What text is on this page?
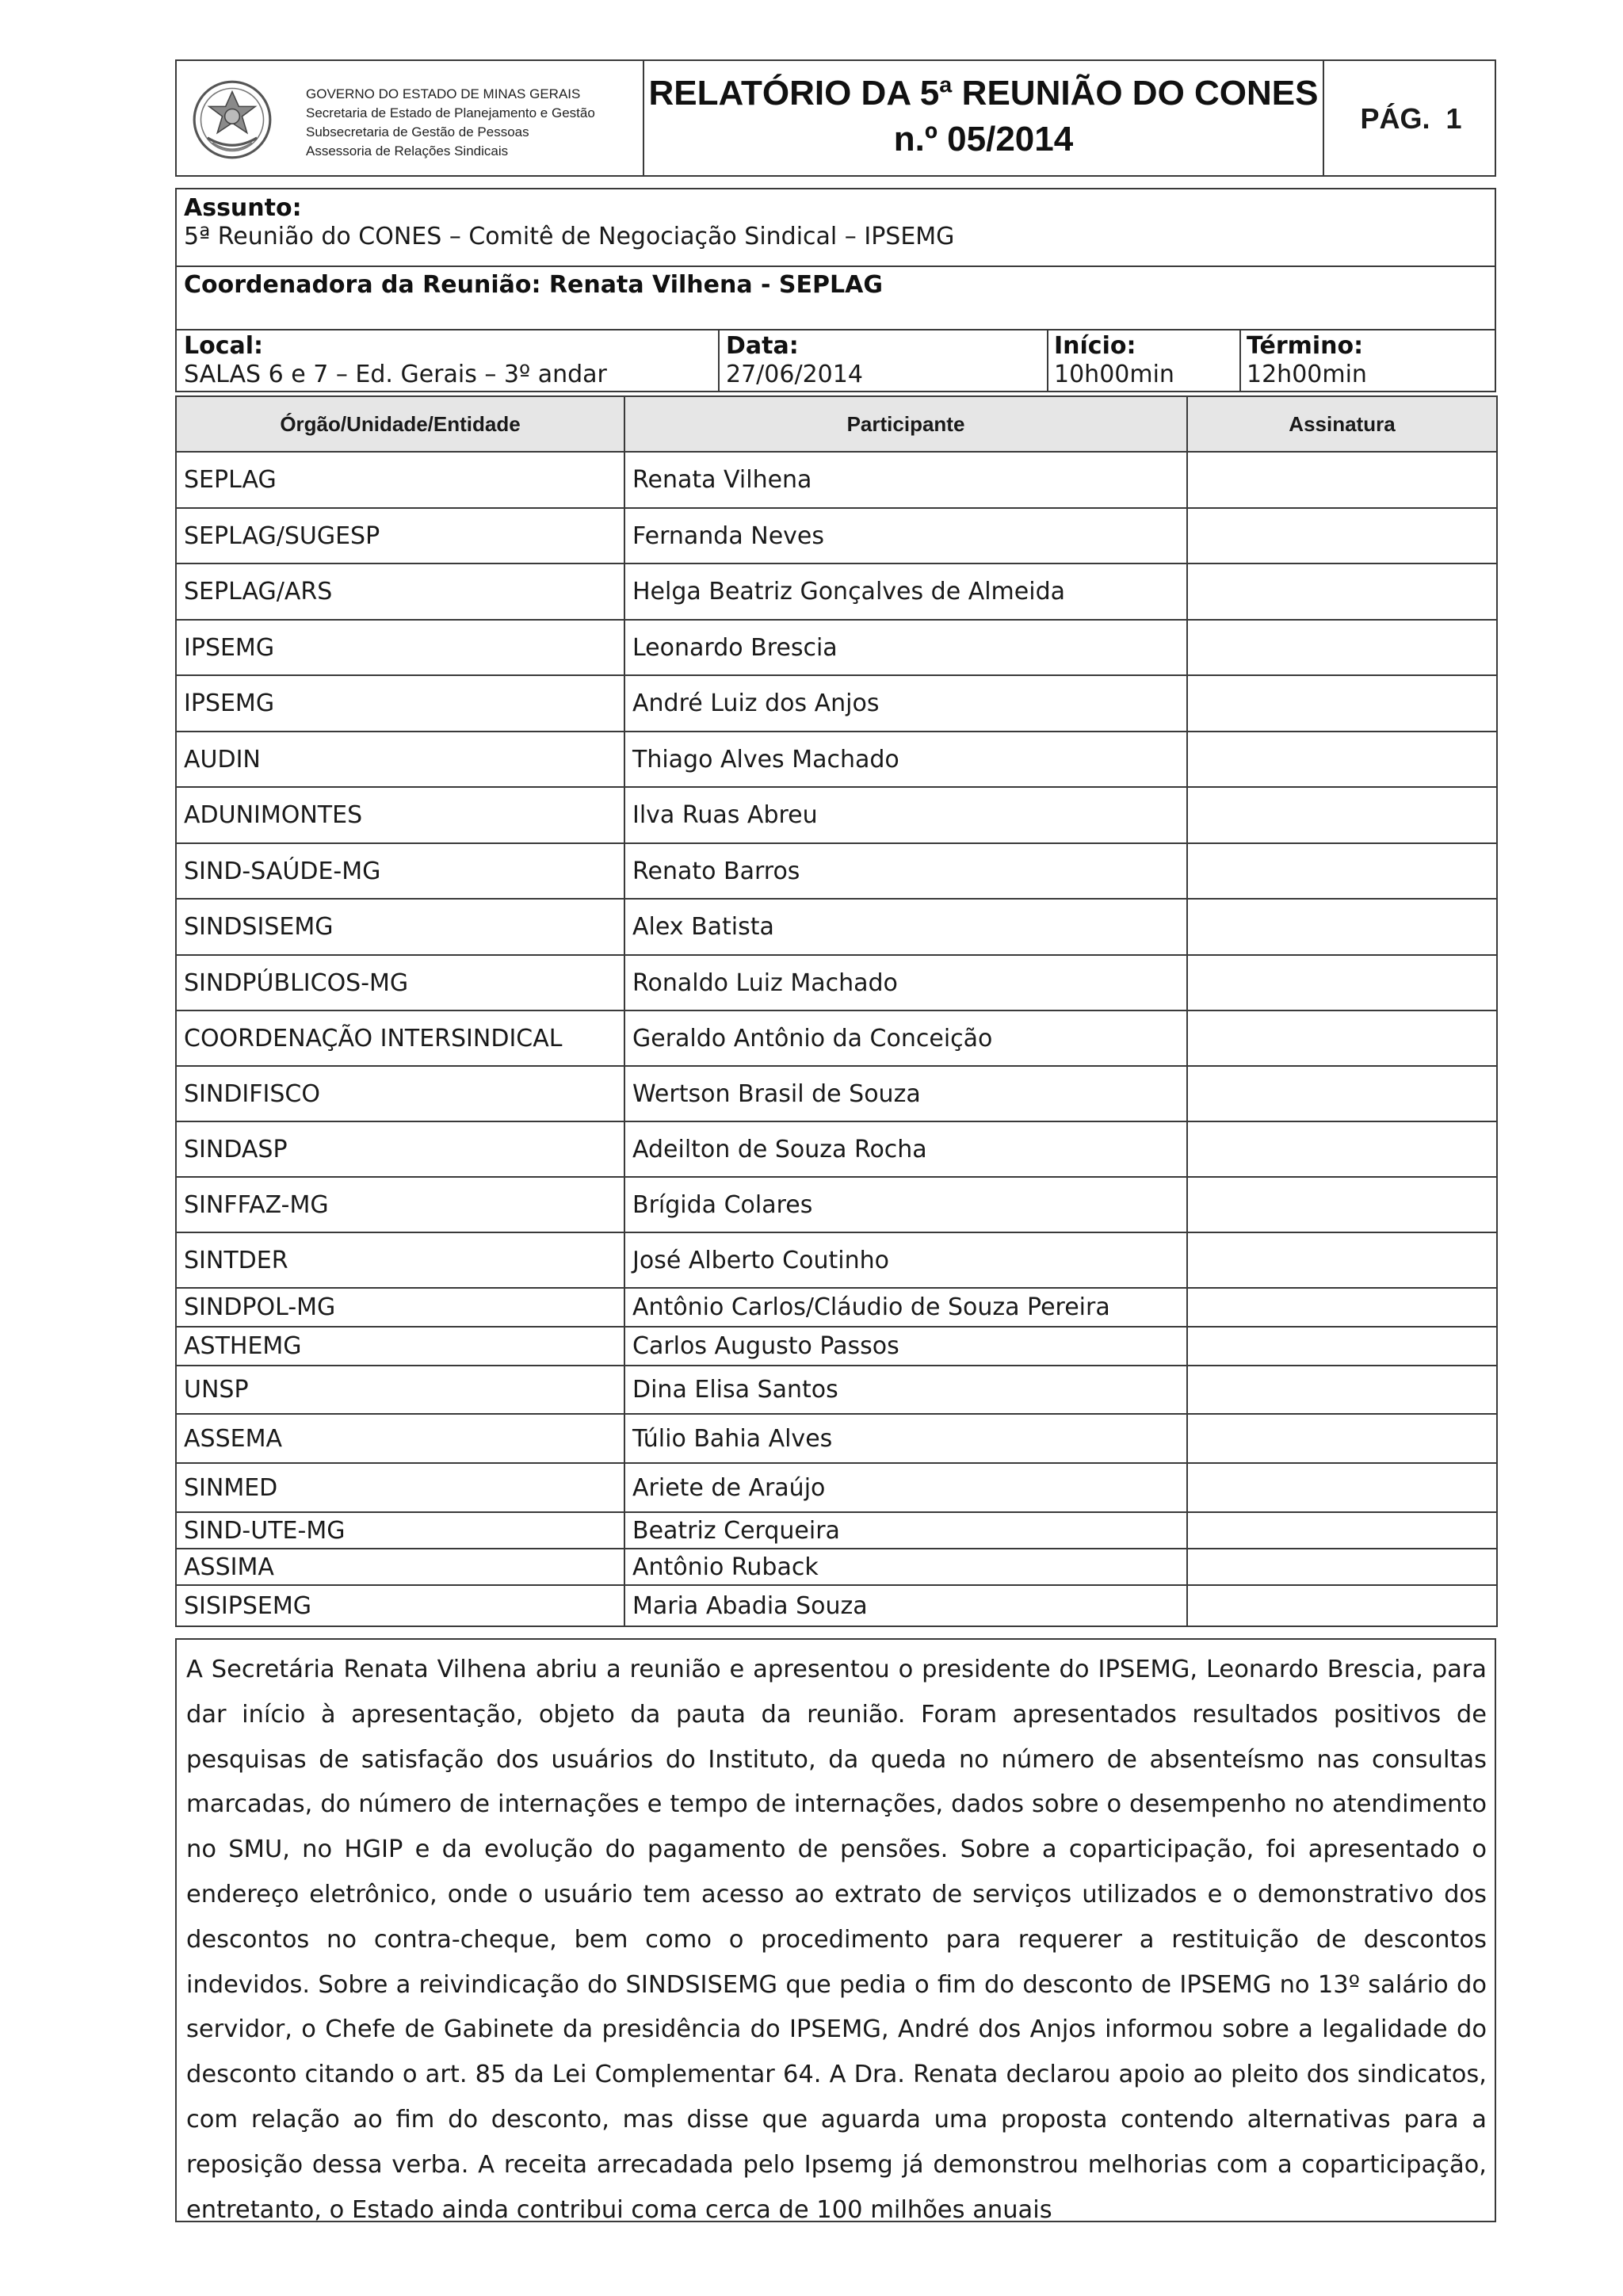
GOVERNO DO ESTADO DE MINAS GERAIS
Secretaria de Estado de Planejamento e Gestão
Subsecretaria de Gestão de Pessoas
Assessoria de Relações Sindicais
RELATÓRIO DA 5ª REUNIÃO DO CONES
n.º 05/2014
PÁG. 1
Assunto:
5ª Reunião do CONES – Comitê de Negociação Sindical – IPSEMG
Coordenadora da Reunião: Renata Vilhena - SEPLAG
Local:
SALAS 6 e 7 – Ed. Gerais – 3º andar
Data:
27/06/2014
Início:
10h00min
Término:
12h00min
Órgão/Unidade/Entidade	Participante	Assinatura
SEPLAG	Renata Vilhena	
SEPLAG/SUGESP	Fernanda Neves	
SEPLAG/ARS	Helga Beatriz Gonçalves de Almeida	
IPSEMG	Leonardo Brescia	
IPSEMG	André Luiz dos Anjos	
AUDIN	Thiago Alves Machado	
ADUNIMONTES	Ilva Ruas Abreu	
SIND-SAÚDE-MG	Renato Barros	
SINDSISEMG	Alex Batista	
SINDPÚBLICOS-MG	Ronaldo Luiz Machado	
COORDENAÇÃO INTERSINDICAL	Geraldo Antônio da Conceição	
SINDIFISCO	Wertson Brasil de Souza	
SINDASP	Adeilton de Souza Rocha	
SINFFAZ-MG	Brígida Colares	
SINTDER	José Alberto Coutinho	
SINDPOL-MG	Antônio Carlos/Cláudio de Souza Pereira	
ASTHEMG	Carlos Augusto Passos	
UNSP	Dina Elisa Santos	
ASSEMA	Túlio Bahia Alves	
SINMED	Ariete de Araújo	
SIND-UTE-MG	Beatriz Cerqueira	
ASSIMA	Antônio Ruback	
SISIPSEMG	Maria Abadia Souza	
A Secretária Renata Vilhena abriu a reunião e apresentou o presidente do IPSEMG, Leonardo Brescia, para dar início à apresentação, objeto da pauta da reunião. Foram apresentados resultados positivos de pesquisas de satisfação dos usuários do Instituto, da queda no número de absenteísmo nas consultas marcadas, do número de internações e tempo de internações, dados sobre o desempenho no atendimento no SMU, no HGIP e da evolução do pagamento de pensões. Sobre a coparticipação, foi apresentado o endereço eletrônico, onde o usuário tem acesso ao extrato de serviços utilizados e o demonstrativo dos descontos no contra-cheque, bem como o procedimento para requerer a restituição de descontos indevidos. Sobre a reivindicação do SINDSISEMG que pedia o fim do desconto de IPSEMG no 13º salário do servidor, o Chefe de Gabinete da presidência do IPSEMG, André dos Anjos informou sobre a legalidade do desconto citando o art. 85 da Lei Complementar 64. A Dra. Renata declarou apoio ao pleito dos sindicatos, com relação ao fim do desconto, mas disse que aguarda uma proposta contendo alternativas para a reposição dessa verba. A receita arrecadada pelo Ipsemg já demonstrou melhorias com a coparticipação, entretanto, o Estado ainda contribui coma cerca de 100 milhões anuais
